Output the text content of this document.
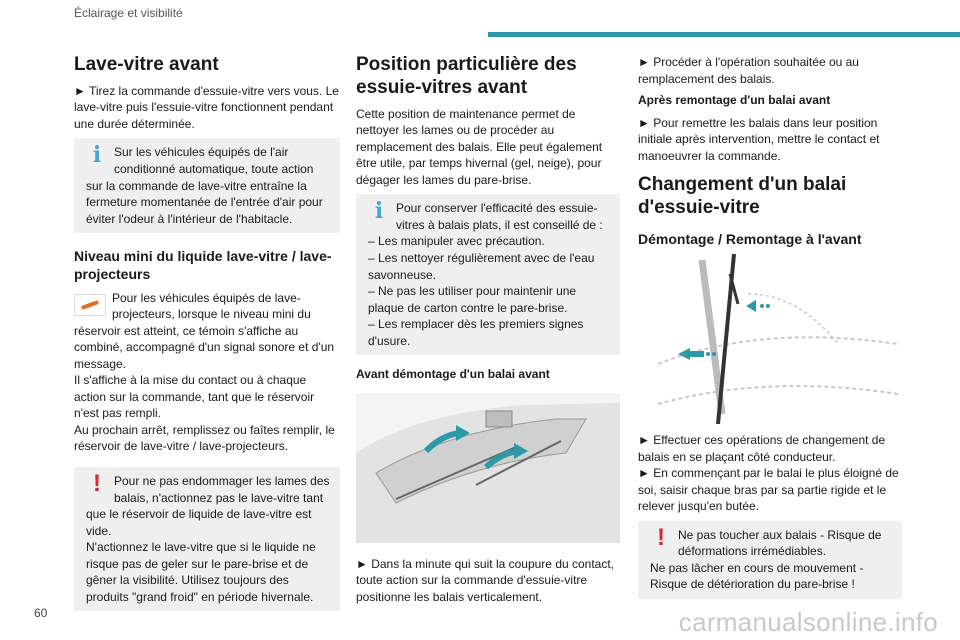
Éclairage et visibilité
Lave-vitre avant

► Tirez la commande d'essuie-vitre vers vous. Le lave-vitre puis l'essuie-vitre fonctionnent pendant une durée déterminée.

i	Sur les véhicules équipés de l'air conditionné automatique, toute action sur la commande de lave-vitre entraîne la fermeture momentanée de l'entrée d'air pour éviter l'odeur à l'intérieur de l'habitacle.
Niveau mini du liquide lave-vitre / lave-projecteurs
Pour les véhicules équipés de lave-projecteurs, lorsque le niveau mini du réservoir est atteint, ce témoin s'affiche au combiné, accompagné d'un signal sonore et d'un message.

Il s'affiche à la mise du contact ou à chaque action sur la commande, tant que le réservoir n'est pas rempli.

Au prochain arrêt, remplissez ou faîtes remplir, le réservoir de lave-vitre / lave-projecteurs.

!	Pour ne pas endommager les lames des balais, n'actionnez pas le lave-vitre tant que le réservoir de liquide de lave-vitre est vide.
N'actionnez le lave-vitre que si le liquide ne risque pas de geler sur le pare-brise et de gêner la visibilité. Utilisez toujours des produits "grand froid" en période hivernale.
Position particulière des essuie-vitres avant

Cette position de maintenance permet de nettoyer les lames ou de procéder au remplacement des balais. Elle peut également être utile, par temps hivernal (gel, neige), pour dégager les lames du pare-brise.

i	Pour conserver l'efficacité des essuie-vitres à balais plats, il est conseillé de :
– Les manipuler avec précaution.
– Les nettoyer régulièrement avec de l'eau savonneuse.
– Ne pas les utiliser pour maintenir une plaque de carton contre le pare-brise.
– Les remplacer dès les premiers signes d'usure.
Avant démontage d'un balai avant

► Dans la minute qui suit la coupure du contact, toute action sur la commande d'essuie-vitre positionne les balais verticalement.

► Procéder à l'opération souhaitée ou au remplacement des balais.

Après remontage d'un balai avant

► Pour remettre les balais dans leur position initiale après intervention, mettre le contact et manoeuvrer la commande.

Changement d'un balai d'essuie-vitre
Démontage / Remontage à l'avant

► Effectuer ces opérations de changement de balais en se plaçant côté conducteur.

► En commençant par le balai le plus éloigné de soi, saisir chaque bras par sa partie rigide et le relever jusqu'en butée.

!	Ne pas toucher aux balais - Risque de déformations irrémédiables.
Ne pas lâcher en cours de mouvement - Risque de détérioration du pare-brise !
60	carmanualsonline.info
